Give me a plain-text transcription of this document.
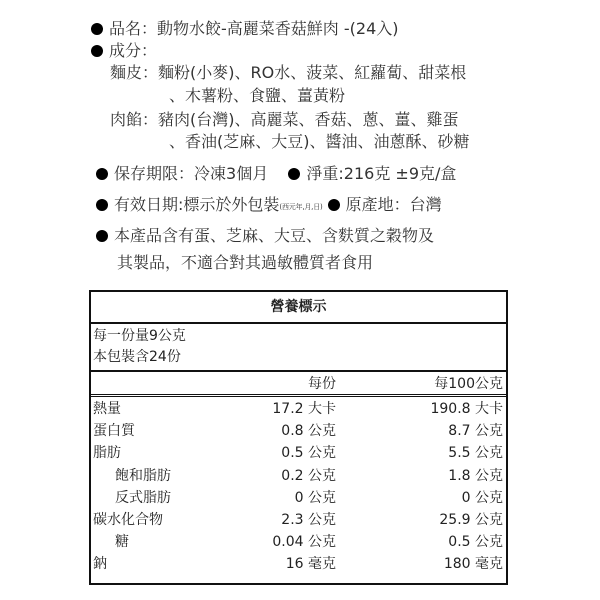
品名：動物水餃-高麗菜香菇鮮肉 -(24入)
成分：
麵皮：麵粉(小麥)、RO水、菠菜、紅蘿蔔、甜菜根
、木薯粉、食鹽、薑黃粉
肉餡：豬肉(台灣)、高麗菜、香菇、蔥、薑、雞蛋
、香油(芝麻、大豆)、醬油、油蔥酥、砂糖
保存期限：冷凍3個月 淨重:216克 ±9克/盒
有效日期:標示於外包裝(西元年,月,日) 原產地：台灣
本產品含有蛋、芝麻、大豆、含麩質之穀物及
其製品，不適合對其過敏體質者食用
營養標示
每一份量9公克
本包裝含24份
每份	每100公克
熱量	17.2 大卡	190.8 大卡
蛋白質	0.8 公克	8.7 公克
脂肪	0.5 公克	5.5 公克
飽和脂肪	0.2 公克	1.8 公克
反式脂肪	0 公克	0 公克
碳水化合物	2.3 公克	25.9 公克
糖	0.04 公克	0.5 公克
鈉	16 毫克	180 毫克
